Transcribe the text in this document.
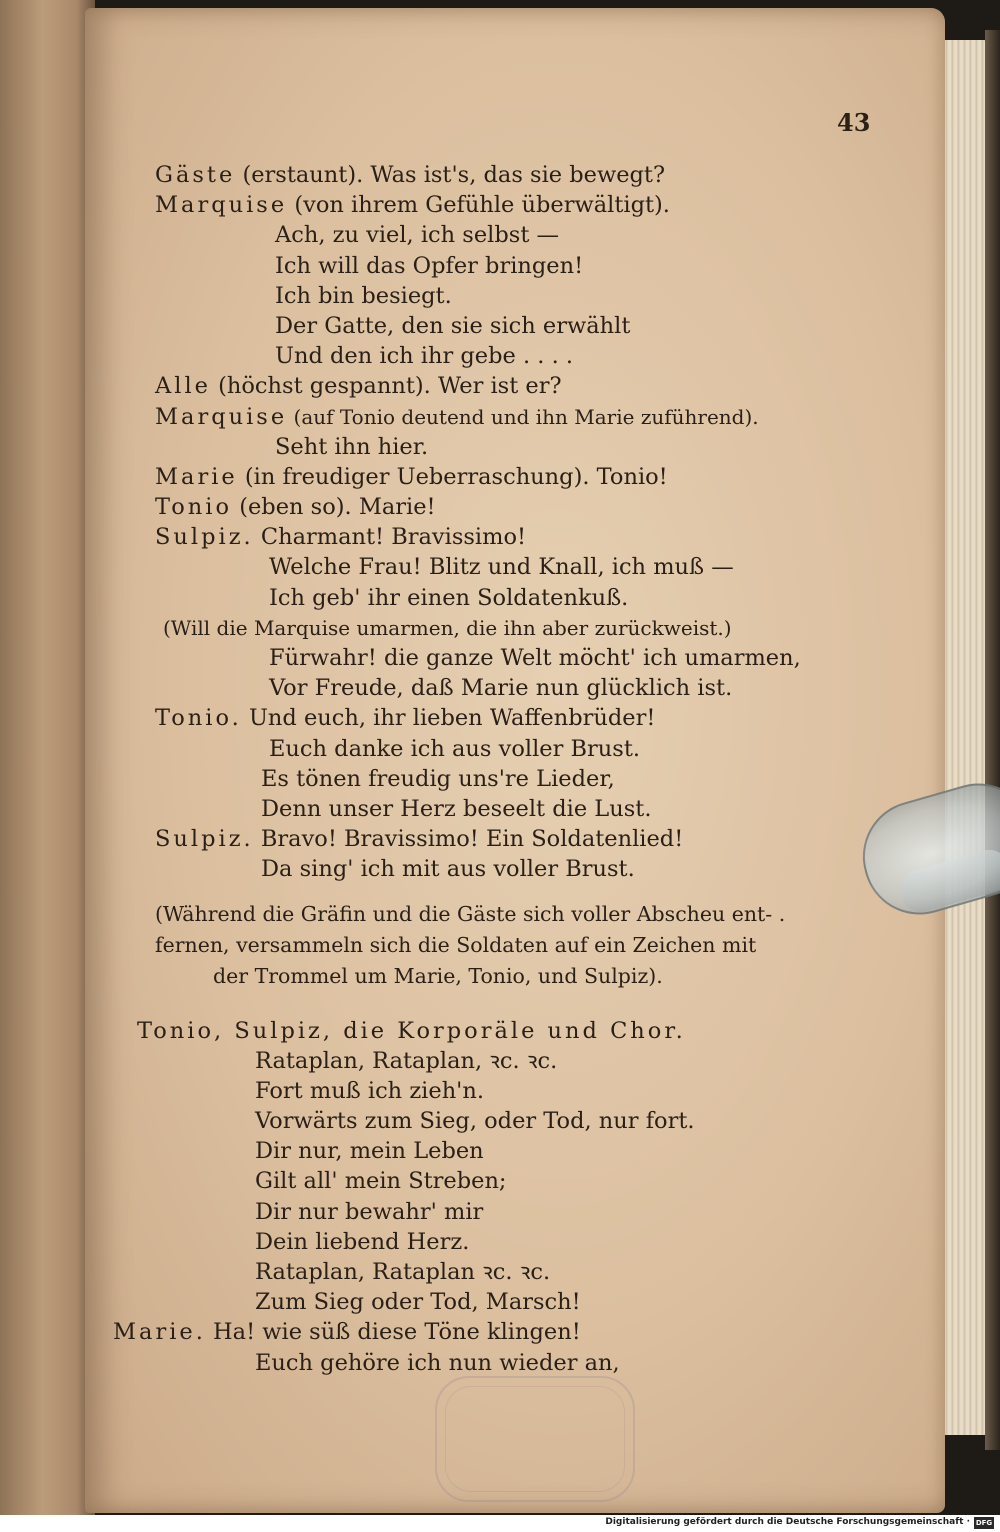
43

Gäste (erstaunt). Was ist's, das sie bewegt?
Marquise (von ihrem Gefühle überwältigt).
Ach, zu viel, ich selbst —
Ich will das Opfer bringen!
Ich bin besiegt.
Der Gatte, den sie sich erwählt
Und den ich ihr gebe . . . .
Alle (höchst gespannt). Wer ist er?
Marquise (auf Tonio deutend und ihn Marie zuführend).
Seht ihn hier.
Marie (in freudiger Ueberraschung). Tonio!
Tonio (eben so). Marie!
Sulpiz. Charmant! Bravissimo!
Welche Frau! Blitz und Knall, ich muß —
Ich geb' ihr einen Soldatenkuß.
(Will die Marquise umarmen, die ihn aber zurückweist.)
Fürwahr! die ganze Welt möcht' ich umarmen,
Vor Freude, daß Marie nun glücklich ist.
Tonio. Und euch, ihr lieben Waffenbrüder!
Euch danke ich aus voller Brust.
Es tönen freudig uns're Lieder,
Denn unser Herz beseelt die Lust.
Sulpiz. Bravo! Bravissimo! Ein Soldatenlied!
Da sing' ich mit aus voller Brust.
(Während die Gräfin und die Gäste sich voller Abscheu ent- .
fernen, versammeln sich die Soldaten auf ein Zeichen mit
der Trommel um Marie, Tonio, und Sulpiz).
Tonio, Sulpiz, die Korporäle und Chor.
Rataplan, Rataplan, ꝛc. ꝛc.
Fort muß ich zieh'n.
Vorwärts zum Sieg, oder Tod, nur fort.
Dir nur, mein Leben
Gilt all' mein Streben;
Dir nur bewahr' mir
Dein liebend Herz.
Rataplan, Rataplan ꝛc. ꝛc.
Zum Sieg oder Tod, Marsch!
Marie. Ha! wie süß diese Töne klingen!
Euch gehöre ich nun wieder an,
Digitalisierung gefördert durch die Deutsche Forschungsgemeinschaft · DFG
